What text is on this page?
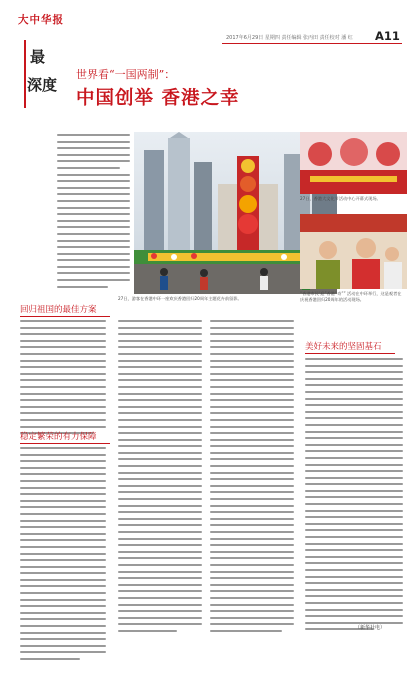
大中华报
最
深度
2017年6月29日 星期四 责任编辑 张丙田 责任校对 潘 红 A11
世界看“一国两制”：
中国创举 香港之幸
27日，游客在香港中环一座欢庆香港回归20周年主题花卉前留影。
27日，香港大文化节活动中心开幕式现场。
“香港市民‘迎”香港“奇”” 活动在中环举行，这是观者在庆祝香港回归20周年的活动现场。
回归祖国的最佳方案
稳定繁荣的有力保障
美好未来的坚固基石
（新华社电）
